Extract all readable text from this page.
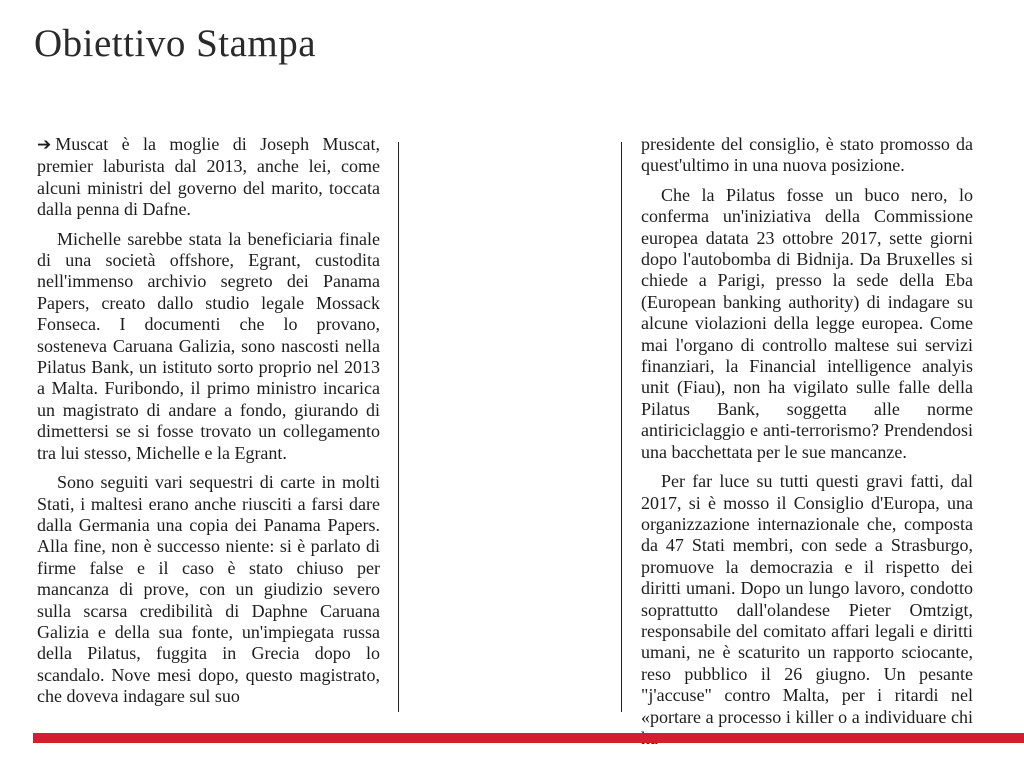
Obiettivo Stampa

➔ Muscat è la moglie di Joseph Muscat, premier laburista dal 2013, anche lei, come alcuni ministri del governo del marito, toccata dalla penna di Dafne.

Michelle sarebbe stata la beneficiaria finale di una società offshore, Egrant, custodita nell'immenso archivio segreto dei Panama Papers, creato dallo studio legale Mossack Fonseca. I documenti che lo provano, sosteneva Caruana Galizia, sono nascosti nella Pilatus Bank, un istituto sorto proprio nel 2013 a Malta. Furibondo, il primo ministro incarica un magistrato di andare a fondo, giurando di dimettersi se si fosse trovato un collegamento tra lui stesso, Michelle e la Egrant.

Sono seguiti vari sequestri di carte in molti Stati, i maltesi erano anche riusciti a farsi dare dalla Germania una copia dei Panama Papers. Alla fine, non è successo niente: si è parlato di firme false e il caso è stato chiuso per mancanza di prove, con un giudizio severo sulla scarsa credibilità di Daphne Caruana Galizia e della sua fonte, un'impiegata russa della Pilatus, fuggita in Grecia dopo lo scandalo. Nove mesi dopo, questo magistrato, che doveva indagare sul suo

presidente del consiglio, è stato promosso da quest'ultimo in una nuova posizione.

Che la Pilatus fosse un buco nero, lo conferma un'iniziativa della Commissione europea datata 23 ottobre 2017, sette giorni dopo l'autobomba di Bidnija. Da Bruxelles si chiede a Parigi, presso la sede della Eba (European banking authority) di indagare su alcune violazioni della legge europea. Come mai l'organo di controllo maltese sui servizi finanziari, la Financial intelligence analyis unit (Fiau), non ha vigilato sulle falle della Pilatus Bank, soggetta alle norme antiriciclaggio e anti-terrorismo? Prendendosi una bacchettata per le sue mancanze.

Per far luce su tutti questi gravi fatti, dal 2017, si è mosso il Consiglio d'Europa, una organizzazione internazionale che, composta da 47 Stati membri, con sede a Strasburgo, promuove la democrazia e il rispetto dei diritti umani. Dopo un lungo lavoro, condotto soprattutto dall'olandese Pieter Omtzigt, responsabile del comitato affari legali e diritti umani, ne è scaturito un rapporto sciocante, reso pubblico il 26 giugno. Un pesante "j'accuse" contro Malta, per i ritardi nel «portare a processo i killer o a individuare chi
